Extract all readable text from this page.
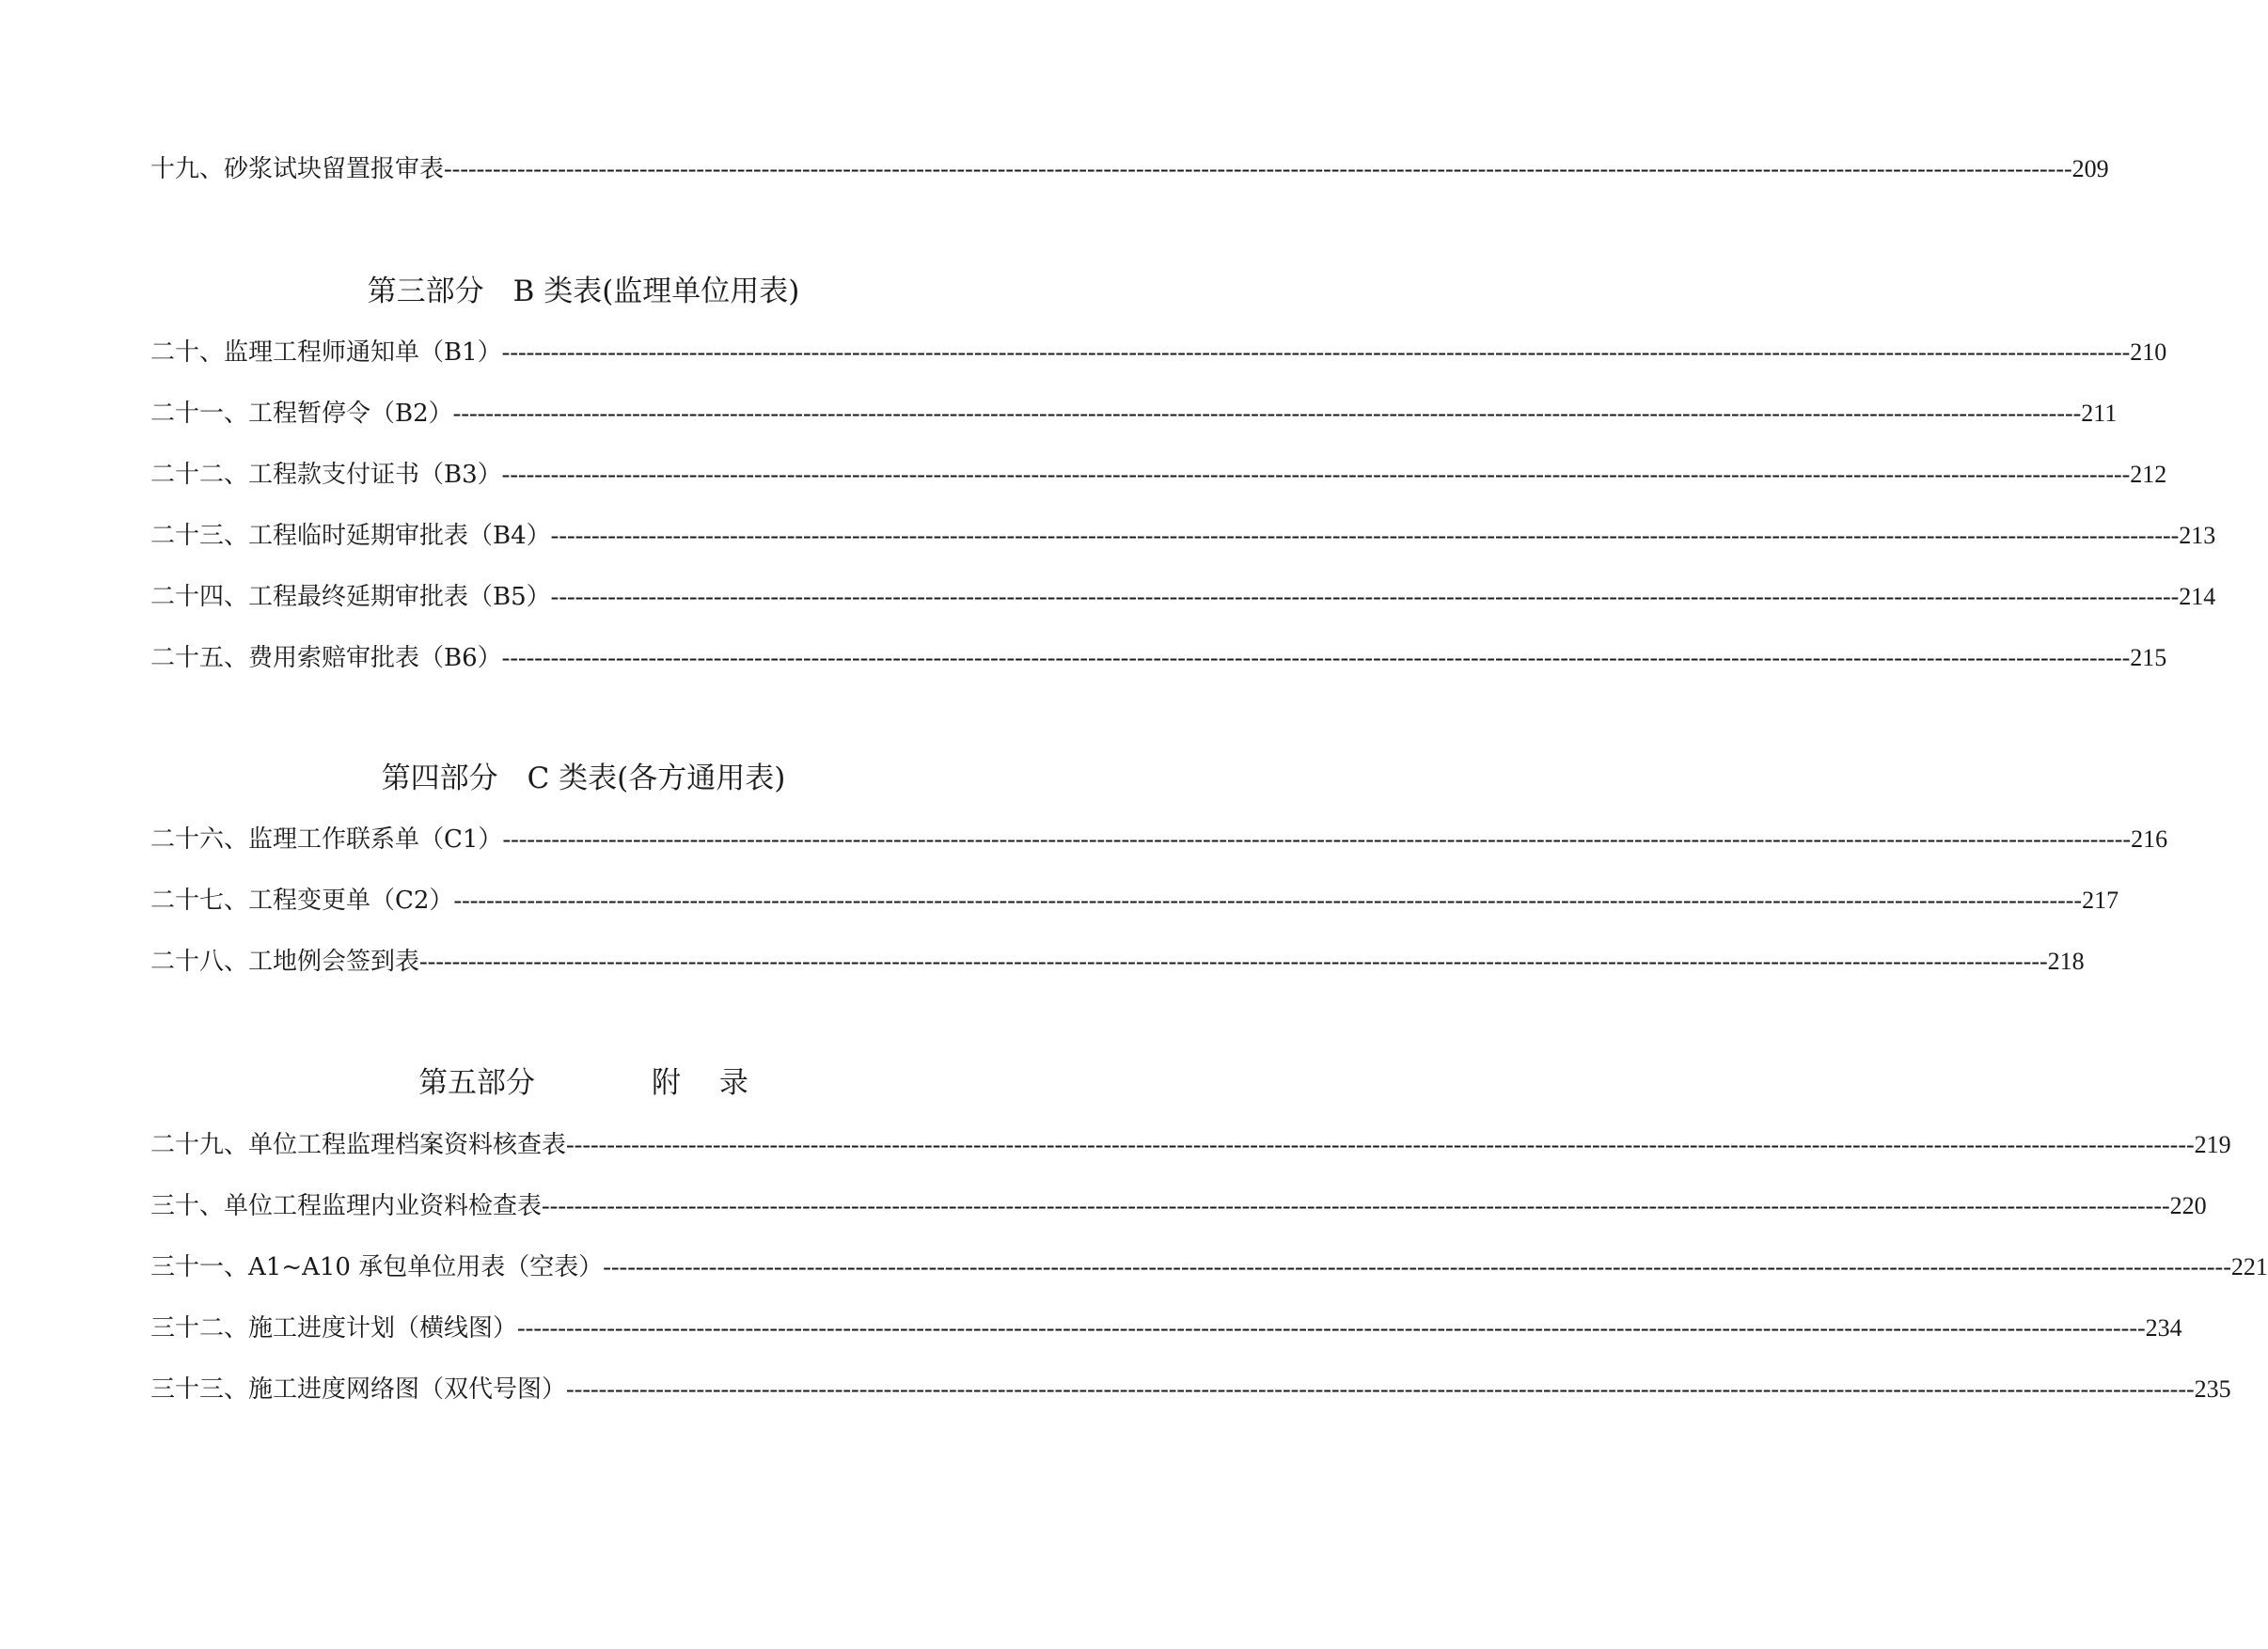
十九、砂浆试块留置报审表 -------------------------------------------------------------------------------------------------------------------------------------------------------------------------------------------------------- 209
第三部分　B 类表(监理单位用表)
二十、监理工程师通知单（B1） -------------------------------------------------------------------------------------------------------------------------------------------------------------------------------------------------------- 210
二十一、工程暂停令（B2） -------------------------------------------------------------------------------------------------------------------------------------------------------------------------------------------------------- 211
二十二、工程款支付证书（B3） -------------------------------------------------------------------------------------------------------------------------------------------------------------------------------------------------------- 212
二十三、工程临时延期审批表（B4） -------------------------------------------------------------------------------------------------------------------------------------------------------------------------------------------------------- 213
二十四、工程最终延期审批表（B5） -------------------------------------------------------------------------------------------------------------------------------------------------------------------------------------------------------- 214
二十五、费用索赔审批表（B6） -------------------------------------------------------------------------------------------------------------------------------------------------------------------------------------------------------- 215
第四部分　C 类表(各方通用表)
二十六、监理工作联系单（C1） -------------------------------------------------------------------------------------------------------------------------------------------------------------------------------------------------------- 216
二十七、工程变更单（C2） -------------------------------------------------------------------------------------------------------------------------------------------------------------------------------------------------------- 217
二十八、工地例会签到表 -------------------------------------------------------------------------------------------------------------------------------------------------------------------------------------------------------- 218
第五部分　　　　附　 录
二十九、单位工程监理档案资料核查表 -------------------------------------------------------------------------------------------------------------------------------------------------------------------------------------------------------- 219
三十、单位工程监理内业资料检查表 -------------------------------------------------------------------------------------------------------------------------------------------------------------------------------------------------------- 220
三十一、A1~A10 承包单位用表（空表） -------------------------------------------------------------------------------------------------------------------------------------------------------------------------------------------------------- 221
三十二、施工进度计划（横线图） -------------------------------------------------------------------------------------------------------------------------------------------------------------------------------------------------------- 234
三十三、施工进度网络图（双代号图） -------------------------------------------------------------------------------------------------------------------------------------------------------------------------------------------------------- 235
